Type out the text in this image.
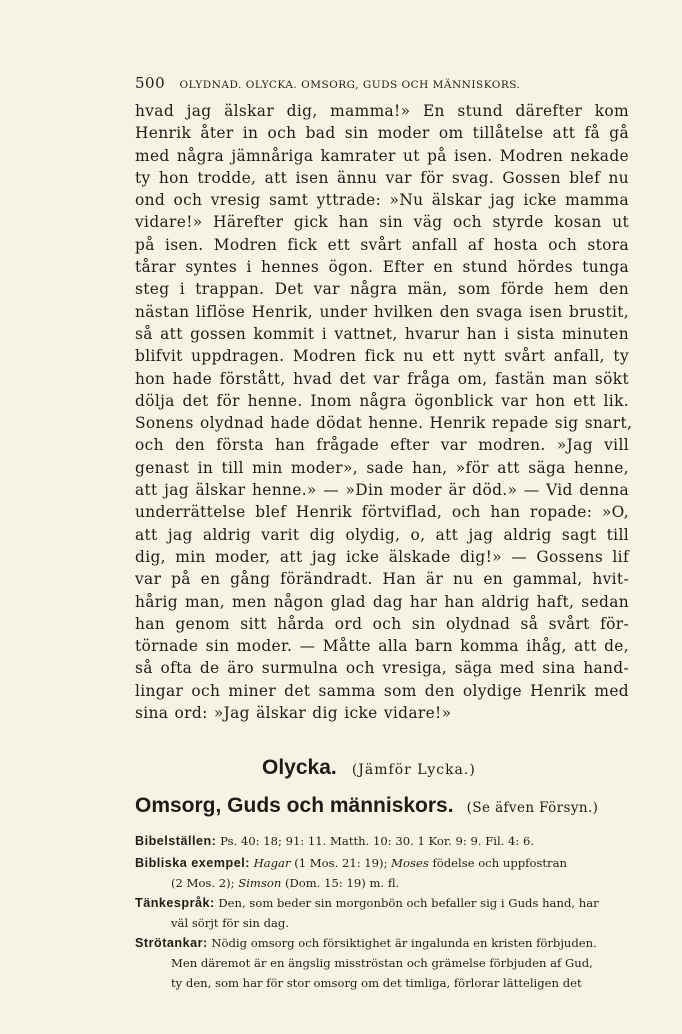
500 OLYDNAD. OLYCKA. OMSORG, GUDS OCH MÄNNISKORS.
hvad jag älskar dig, mamma!» En stund därefter kom
Henrik åter in och bad sin moder om tillåtelse att få gå
med några jämnåriga kamrater ut på isen. Modren nekade
ty hon trodde, att isen ännu var för svag. Gossen blef nu
ond och vresig samt yttrade: »Nu älskar jag icke mamma
vidare!» Härefter gick han sin väg och styrde kosan ut
på isen. Modren fick ett svårt anfall af hosta och stora
tårar syntes i hennes ögon. Efter en stund hördes tunga
steg i trappan. Det var några män, som förde hem den
nästan liflöse Henrik, under hvilken den svaga isen brustit,
så att gossen kommit i vattnet, hvarur han i sista minuten
blifvit uppdragen. Modren fick nu ett nytt svårt anfall, ty
hon hade förstått, hvad det var fråga om, fastän man sökt
dölja det för henne. Inom några ögonblick var hon ett lik.
Sonens olydnad hade dödat henne. Henrik repade sig snart,
och den första han frågade efter var modren. »Jag vill
genast in till min moder», sade han, »för att säga henne,
att jag älskar henne.» — »Din moder är död.» — Vid denna
underrättelse blef Henrik förtviflad, och han ropade: »O,
att jag aldrig varit dig olydig, o, att jag aldrig sagt till
dig, min moder, att jag icke älskade dig!» — Gossens lif
var på en gång förändradt. Han är nu en gammal, hvit-
hårig man, men någon glad dag har han aldrig haft, sedan
han genom sitt hårda ord och sin olydnad så svårt för-
törnade sin moder. — Måtte alla barn komma ihåg, att de,
så ofta de äro surmulna och vresiga, säga med sina hand-
lingar och miner det samma som den olydige Henrik med
sina ord: »Jag älskar dig icke vidare!»
Olycka. (Jämför Lycka.)
Omsorg, Guds och människors. (Se äfven Försyn.)
Bibelställen: Ps. 40: 18; 91: 11. Matth. 10: 30. 1 Kor. 9: 9. Fil. 4: 6.
Bibliska exempel: Hagar (1 Mos. 21: 19); Moses födelse och uppfostran
(2 Mos. 2); Simson (Dom. 15: 19) m. fl.
Tänkespråk: Den, som beder sin morgonbön och befaller sig i Guds hand, har
väl sörjt för sin dag.
Strötankar: Nödig omsorg och försiktighet är ingalunda en kristen förbjuden.
Men däremot är en ängslig misströstan och grämelse förbjuden af Gud,
ty den, som har för stor omsorg om det timliga, förlorar lätteligen det
